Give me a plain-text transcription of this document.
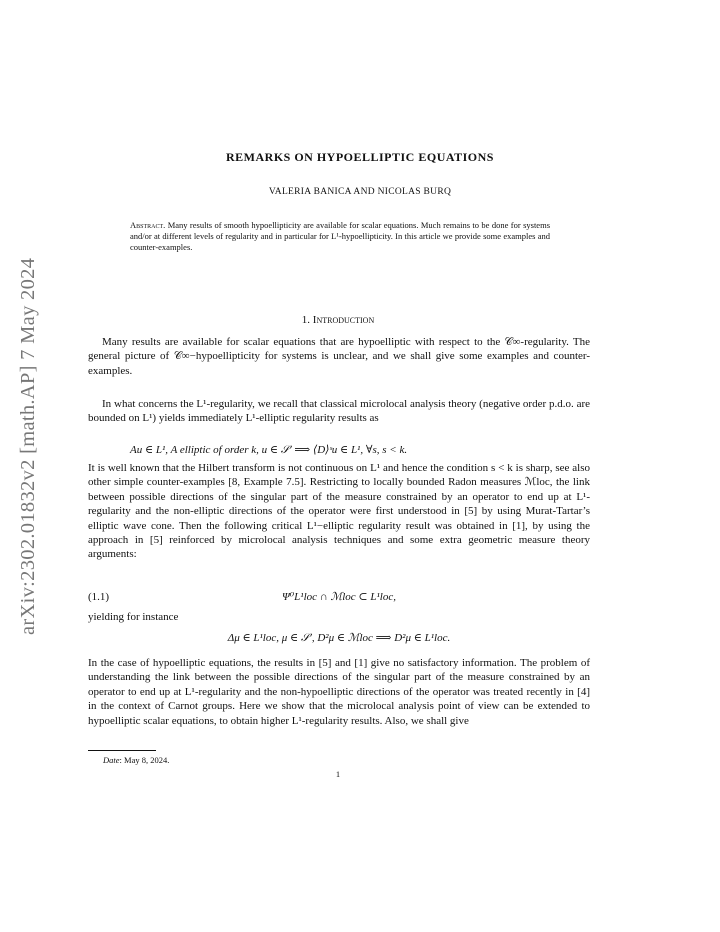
arXiv:2302.01832v2 [math.AP] 7 May 2024
REMARKS ON HYPOELLIPTIC EQUATIONS
VALERIA BANICA AND NICOLAS BURQ
Abstract. Many results of smooth hypoellipticity are available for scalar equations. Much remains to be done for systems and/or at different levels of regularity and in particular for L¹-hypoellipticity. In this article we provide some examples and counter-examples.
1. Introduction
Many results are available for scalar equations that are hypoelliptic with respect to the 𝒞∞-regularity. The general picture of 𝒞∞−hypoellipticity for systems is unclear, and we shall give some examples and counter-examples.
In what concerns the L¹-regularity, we recall that classical microlocal analysis theory (negative order p.d.o. are bounded on L¹) yields immediately L¹-elliptic regularity results as
Au ∈ L¹, A elliptic of order k, u ∈ 𝒮′ ⟹ ⟨D⟩ˢu ∈ L¹, ∀s, s < k.
It is well known that the Hilbert transform is not continuous on L¹ and hence the condition s < k is sharp, see also other simple counter-examples [8, Example 7.5]. Restricting to locally bounded Radon measures ℳloc, the link between possible directions of the singular part of the measure constrained by an operator to end up at L¹-regularity and the non-elliptic directions of the operator were first understood in [5] by using Murat-Tartar’s elliptic wave cone. Then the following critical L¹−elliptic regularity result was obtained in [1], by using the approach in [5] reinforced by microlocal analysis techniques and some extra geometric measure theory arguments:
(1.1)	Ψ⁰L¹loc ∩ ℳloc ⊂ L¹loc,
yielding for instance
Δμ ∈ L¹loc, μ ∈ 𝒮′, D²μ ∈ ℳloc ⟹ D²μ ∈ L¹loc.
In the case of hypoelliptic equations, the results in [5] and [1] give no satisfactory information. The problem of understanding the link between the possible directions of the singular part of the measure constrained by an operator to end up at L¹-regularity and the non-hypoelliptic directions of the operator was treated recently in [4] in the context of Carnot groups. Here we show that the microlocal analysis point of view can be extended to hypoelliptic scalar equations, to obtain higher L¹-regularity results. Also, we shall give
Date: May 8, 2024.
1
